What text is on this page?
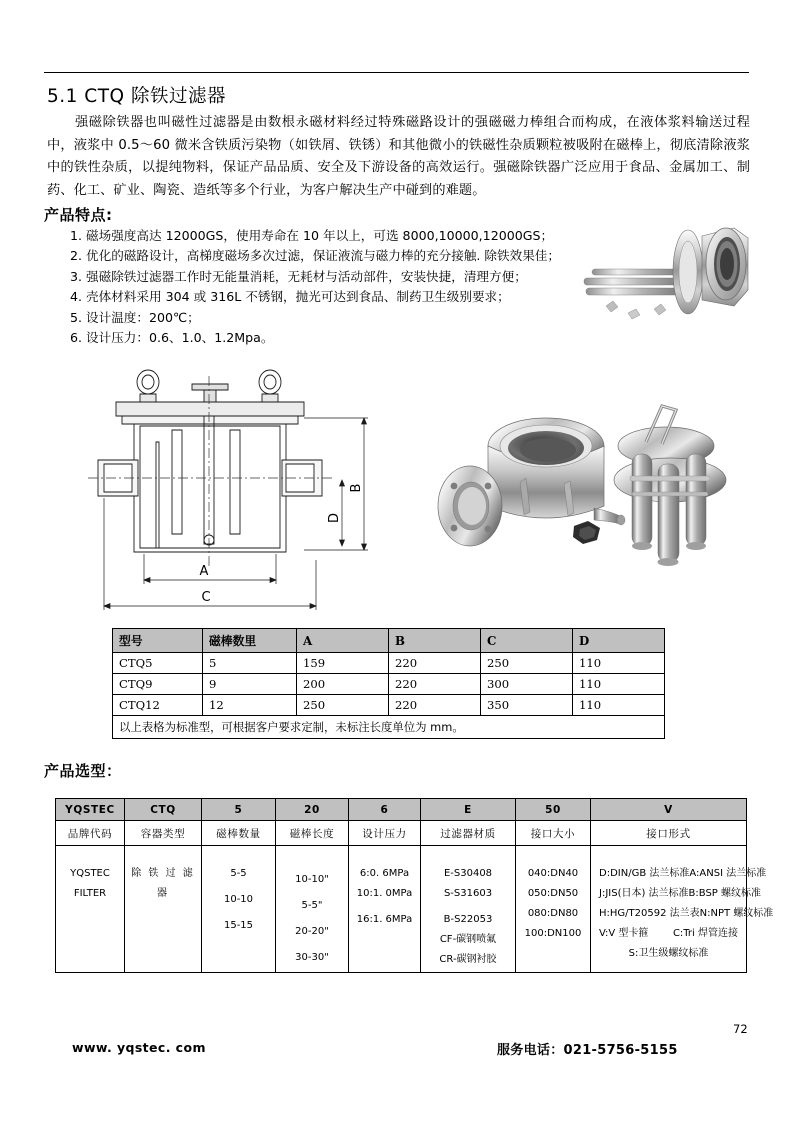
5.1 CTQ 除铁过滤器
强磁除铁器也叫磁性过滤器是由数根永磁材料经过特殊磁路设计的强磁磁力棒组合而构成，在液体浆料输送过程中，液浆中 0.5～60 微米含铁质污染物（如铁屑、铁锈）和其他微小的铁磁性杂质颗粒被吸附在磁棒上，彻底清除液浆中的铁性杂质，以提纯物料，保证产品品质、安全及下游设备的高效运行。强磁除铁器广泛应用于食品、金属加工、制药、化工、矿业、陶瓷、造纸等多个行业，为客户解决生产中碰到的难题。
产品特点:
1. 磁场强度高达 12000GS，使用寿命在 10 年以上，可选 8000,10000,12000GS；
2. 优化的磁路设计，高梯度磁场多次过滤，保证液流与磁力棒的充分接触. 除铁效果佳；
3. 强磁除铁过滤器工作时无能量消耗，无耗材与活动部件，安装快捷，清理方便；
4. 壳体材料采用 304 或 316L 不锈钢，抛光可达到食品、制药卫生级别要求；
5. 设计温度：200℃；
6. 设计压力：0.6、1.0、1.2Mpa。
A
C
B
D
型号	磁棒数里	A	B	C	D
CTQ5	5	159	220	250	110
CTQ9	9	200	220	300	110
CTQ12	12	250	220	350	110
以上表格为标准型，可根据客户要求定制，未标注长度单位为 mm。					
产品选型：
YQSTEC	CTQ	5	20	6	E	50	V
品牌代码	容器类型	磁棒数量	磁棒长度	设计压力	过滤器材质	接口大小	接口形式

YQSTEC
FILTER

除 铁 过 滤
器

5-5
10-10
15-15

10-10"
5-5"
20-20"
30-30"

6:0. 6MPa
10:1. 0MPa
16:1. 6MPa

E-S30408
S-S31603
B-S22053
CF-碳钢喷氟
CR-碳钢衬胶

040:DN40
050:DN50
080:DN80
100:DN100

D:DIN/GB 法兰标准 A:ANSI 法兰标准
J:JIS(日本) 法兰标准 B:BSP 螺纹标准
H:HG/T20592 法兰表 N:NPT 螺纹标准
V:V 型卡箍 C:Tri 焊管连接
S:卫生级螺纹标准
www. yqstec. com	服务电话：021-5756-5155
72
